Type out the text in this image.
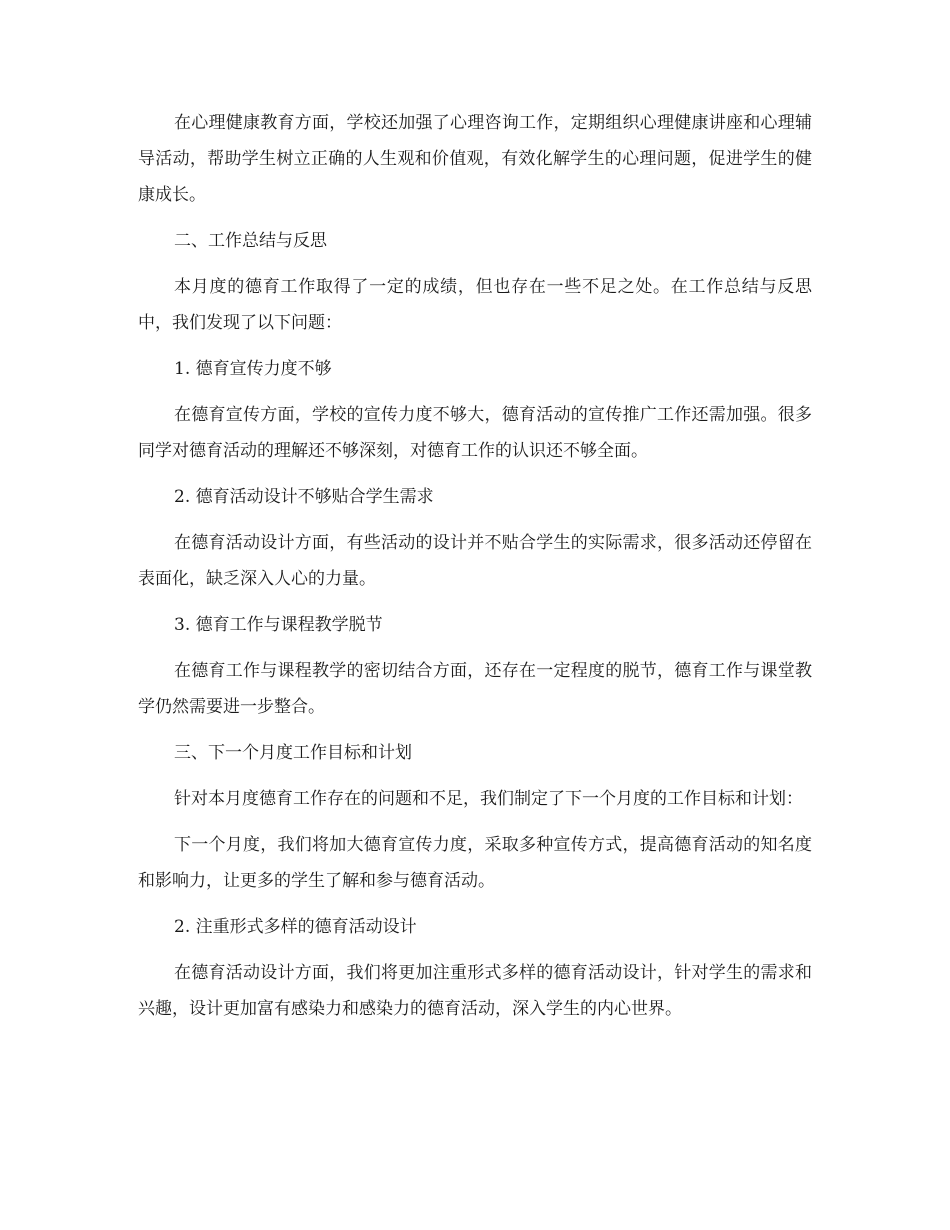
在心理健康教育方面，学校还加强了心理咨询工作，定期组织心理健康讲座和心理辅导活动，帮助学生树立正确的人生观和价值观，有效化解学生的心理问题，促进学生的健康成长。

二、工作总结与反思

本月度的德育工作取得了一定的成绩，但也存在一些不足之处。在工作总结与反思中，我们发现了以下问题：

1. 德育宣传力度不够

在德育宣传方面，学校的宣传力度不够大，德育活动的宣传推广工作还需加强。很多同学对德育活动的理解还不够深刻，对德育工作的认识还不够全面。

2. 德育活动设计不够贴合学生需求

在德育活动设计方面，有些活动的设计并不贴合学生的实际需求，很多活动还停留在表面化，缺乏深入人心的力量。

3. 德育工作与课程教学脱节

在德育工作与课程教学的密切结合方面，还存在一定程度的脱节，德育工作与课堂教学仍然需要进一步整合。

三、下一个月度工作目标和计划

针对本月度德育工作存在的问题和不足，我们制定了下一个月度的工作目标和计划：

下一个月度，我们将加大德育宣传力度，采取多种宣传方式，提高德育活动的知名度和影响力，让更多的学生了解和参与德育活动。

2. 注重形式多样的德育活动设计

在德育活动设计方面，我们将更加注重形式多样的德育活动设计，针对学生的需求和兴趣，设计更加富有感染力和感染力的德育活动，深入学生的内心世界。
